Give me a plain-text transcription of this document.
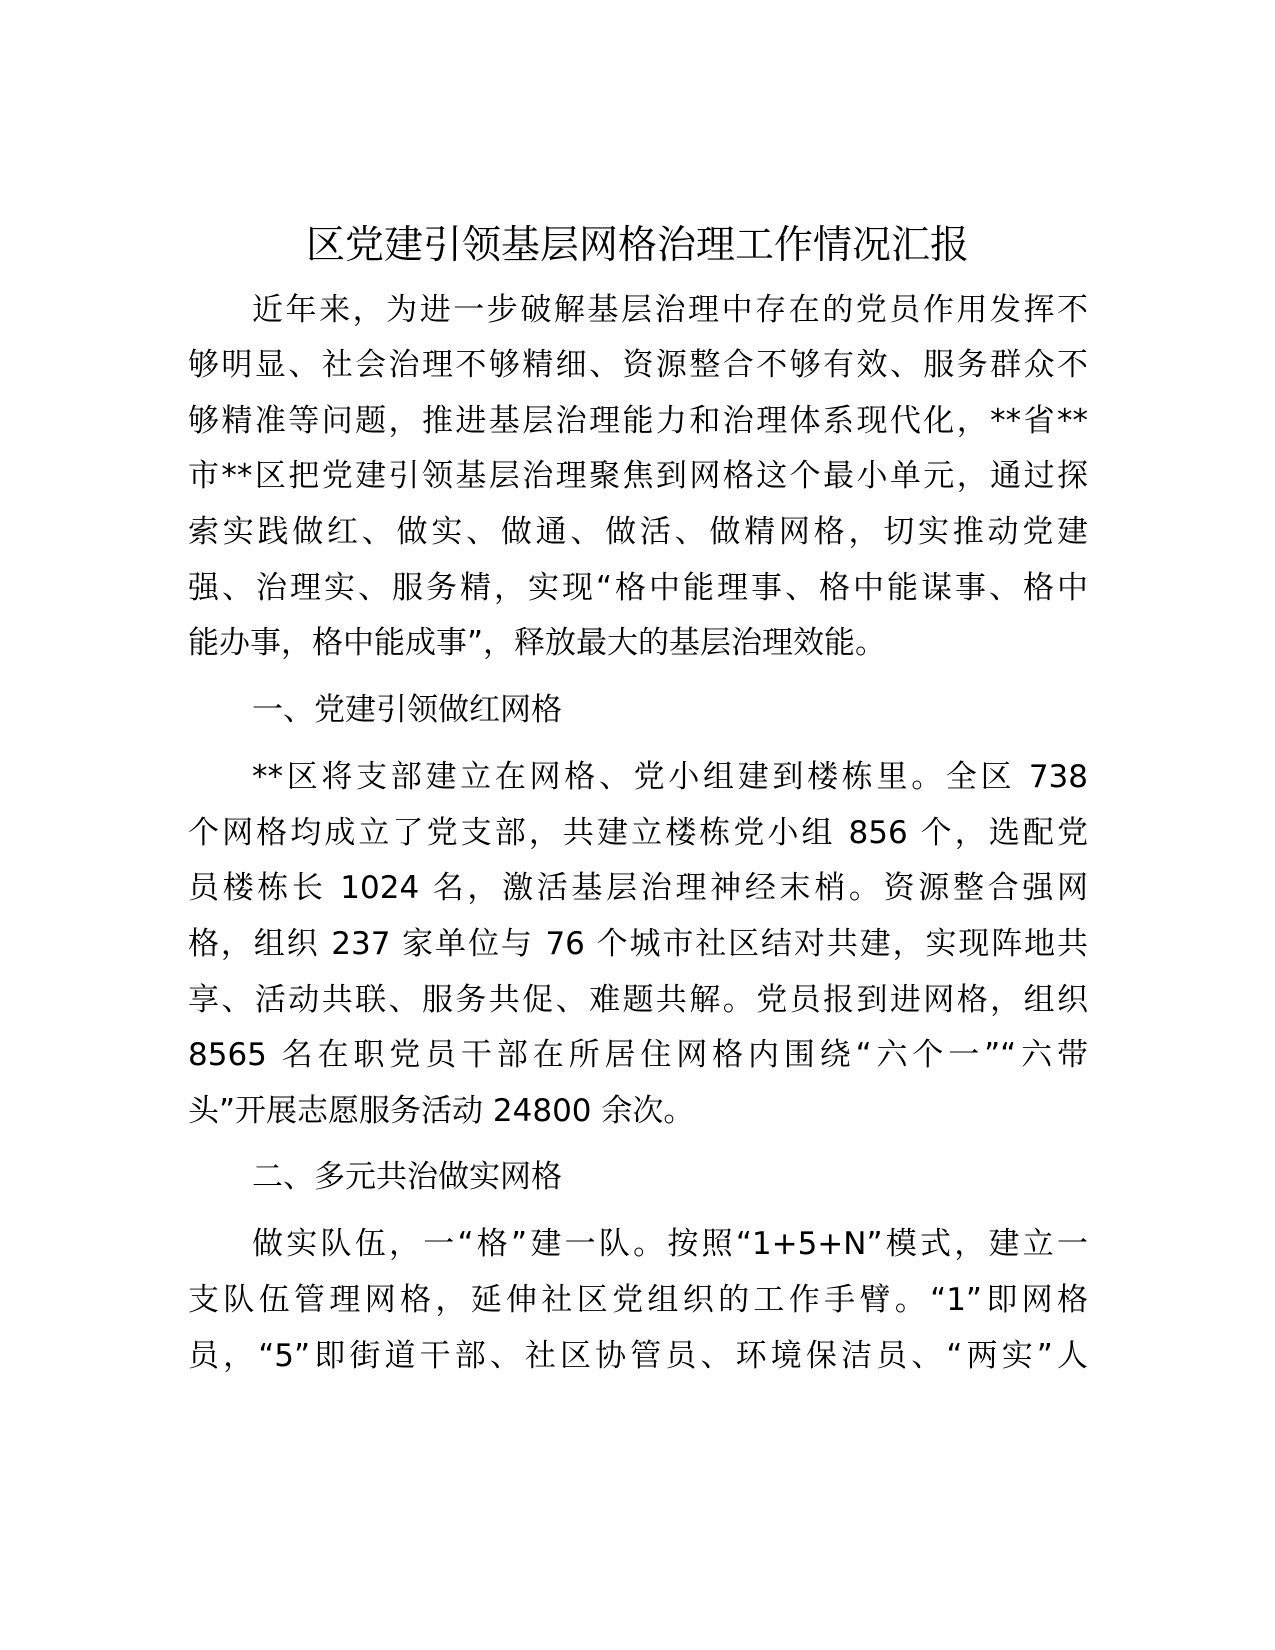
区党建引领基层网格治理工作情况汇报
近年来，为进一步破解基层治理中存在的党员作用发挥不
够明显、社会治理不够精细、资源整合不够有效、服务群众不
够精准等问题，推进基层治理能力和治理体系现代化，**省**
市**区把党建引领基层治理聚焦到网格这个最小单元，通过探
索实践做红、做实、做通、做活、做精网格，切实推动党建
强、治理实、服务精，实现“格中能理事、格中能谋事、格中
能办事，格中能成事”，释放最大的基层治理效能。
一、党建引领做红网格
**区将支部建立在网格、党小组建到楼栋里。全区 738
个网格均成立了党支部，共建立楼栋党小组 856 个，选配党
员楼栋长 1024 名，激活基层治理神经末梢。资源整合强网
格，组织 237 家单位与 76 个城市社区结对共建，实现阵地共
享、活动共联、服务共促、难题共解。党员报到进网格，组织
8565 名在职党员干部在所居住网格内围绕“六个一”“六带
头”开展志愿服务活动 24800 余次。
二、多元共治做实网格
做实队伍，一“格”建一队。按照“1+5+N”模式，建立一
支队伍管理网格，延伸社区党组织的工作手臂。“1”即网格
员，“5”即街道干部、社区协管员、环境保洁员、“两实”人
